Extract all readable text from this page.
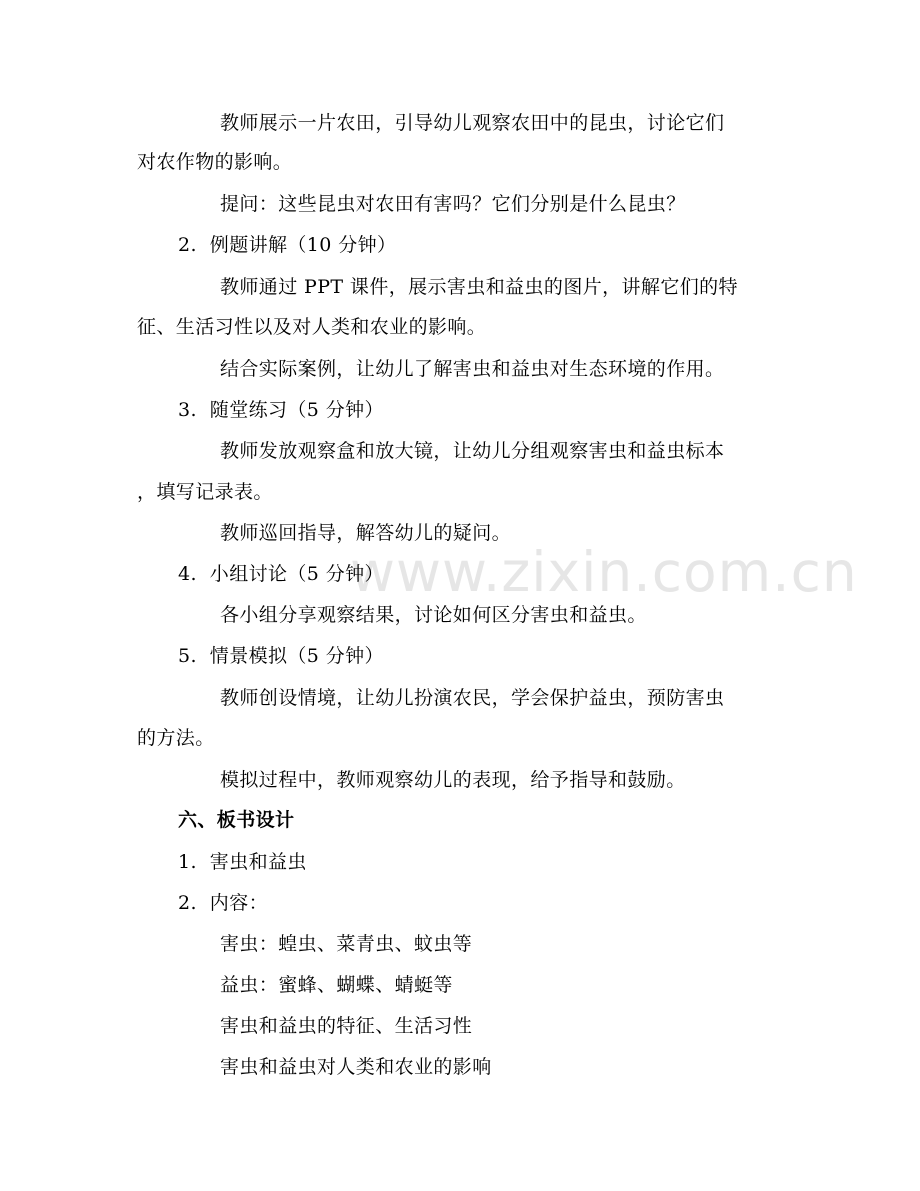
www.zixin.com.cn
教师展示一片农田，引导幼儿观察农田中的昆虫，讨论它们
对农作物的影响。
提问：这些昆虫对农田有害吗？它们分别是什么昆虫？
2.  例题讲解（10 分钟）
教师通过 PPT 课件，展示害虫和益虫的图片，讲解它们的特
征、生活习性以及对人类和农业的影响。
结合实际案例，让幼儿了解害虫和益虫对生态环境的作用。
3.  随堂练习（5 分钟）
教师发放观察盒和放大镜，让幼儿分组观察害虫和益虫标本
，填写记录表。
教师巡回指导，解答幼儿的疑问。
4.  小组讨论（5 分钟）
各小组分享观察结果，讨论如何区分害虫和益虫。
5.  情景模拟（5 分钟）
教师创设情境，让幼儿扮演农民，学会保护益虫，预防害虫
的方法。
模拟过程中，教师观察幼儿的表现，给予指导和鼓励。
六、板书设计
1.  害虫和益虫
2.  内容：
害虫：蝗虫、菜青虫、蚊虫等
益虫：蜜蜂、蝴蝶、蜻蜓等
害虫和益虫的特征、生活习性
害虫和益虫对人类和农业的影响
